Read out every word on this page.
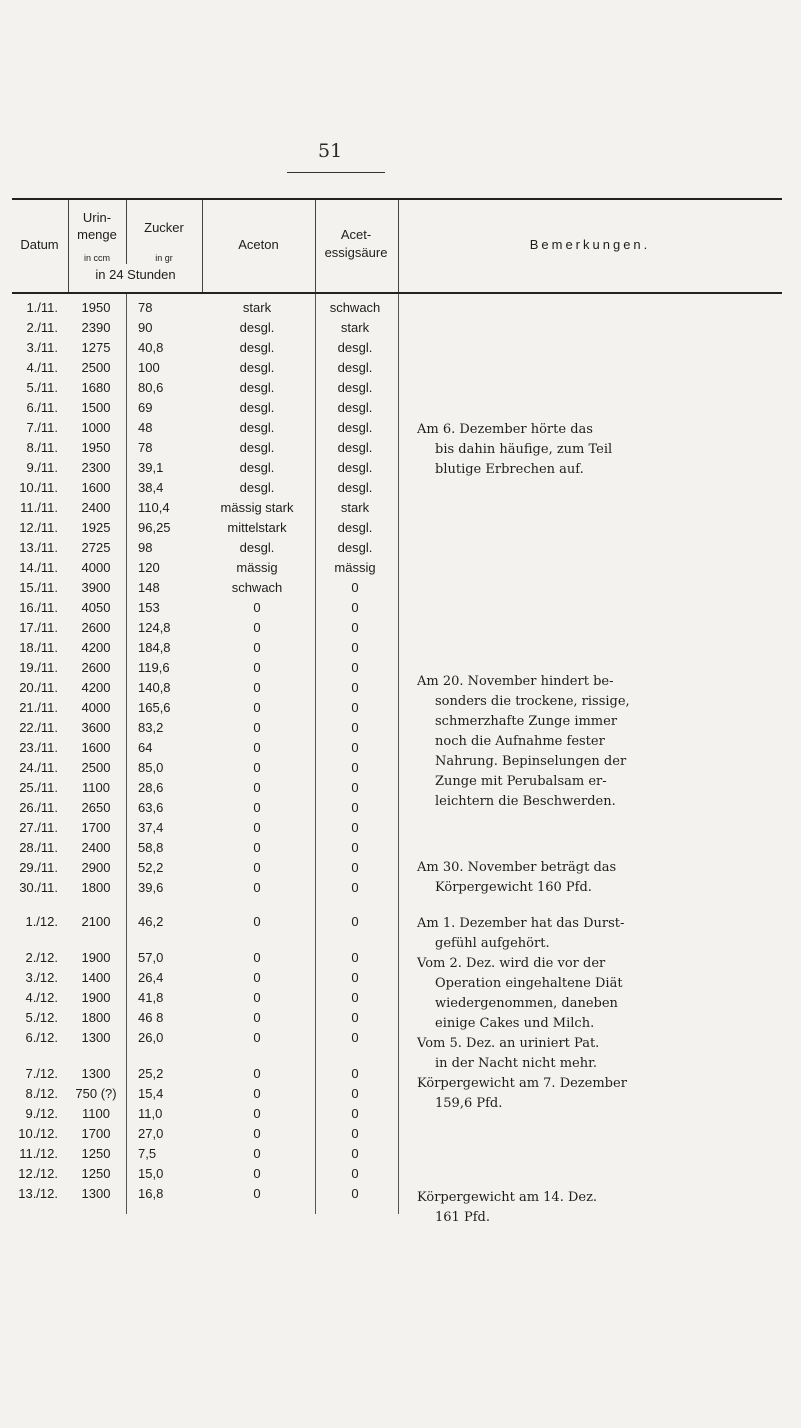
51
Datum
Urin-
menge
in ccm
Zucker
in gr
in 24 Stunden
Aceton
Acet-
essigsäure
Bemerkungen.
Am 6. Dezember hörte das
bis dahin häufige, zum Teil
blutige Erbrechen auf.
Am 20. November hindert be-
sonders die trockene, rissige,
schmerzhafte Zunge immer
noch die Aufnahme fester
Nahrung. Bepinselungen der
Zunge mit Perubalsam er-
leichtern die Beschwerden.
Am 30. November beträgt das
Körpergewicht 160 Pfd.
Am 1. Dezember hat das Durst-
gefühl aufgehört.
Vom 2. Dez. wird die vor der
Operation eingehaltene Diät
wiedergenommen, daneben
einige Cakes und Milch.
Vom 5. Dez. an uriniert Pat.
in der Nacht nicht mehr.
Körpergewicht am 7. Dezember
159,6 Pfd.
Körpergewicht am 14. Dez.
161 Pfd.
1./11.	1950	78	stark	schwach
2./11.	2390	90	desgl.	stark
3./11.	1275	40,8	desgl.	desgl.
4./11.	2500	100	desgl.	desgl.
5./11.	1680	80,6	desgl.	desgl.
6./11.	1500	69	desgl.	desgl.
7./11.	1000	48	desgl.	desgl.
8./11.	1950	78	desgl.	desgl.
9./11.	2300	39,1	desgl.	desgl.
10./11.	1600	38,4	desgl.	desgl.
11./11.	2400	110,4	mässig stark	stark
12./11.	1925	96,25	mittelstark	desgl.
13./11.	2725	98	desgl.	desgl.
14./11.	4000	120	mässig	mässig
15./11.	3900	148	schwach	0
16./11.	4050	153	0	0
17./11.	2600	124,8	0	0
18./11.	4200	184,8	0	0
19./11.	2600	119,6	0	0
20./11.	4200	140,8	0	0
21./11.	4000	165,6	0	0
22./11.	3600	83,2	0	0
23./11.	1600	64	0	0
24./11.	2500	85,0	0	0
25./11.	1100	28,6	0	0
26./11.	2650	63,6	0	0
27./11.	1700	37,4	0	0
28./11.	2400	58,8	0	0
29./11.	2900	52,2	0	0
30./11.	1800	39,6	0	0
1./12.	2100	46,2	0	0
2./12.	1900	57,0	0	0
3./12.	1400	26,4	0	0
4./12.	1900	41,8	0	0
5./12.	1800	46 8	0	0
6./12.	1300	26,0	0	0
7./12.	1300	25,2	0	0
8./12.	750 (?)	15,4	0	0
9./12.	1100	11,0	0	0
10./12.	1700	27,0	0	0
11./12.	1250	7,5	0	0
12./12.	1250	15,0	0	0
13./12.	1300	16,8	0	0
